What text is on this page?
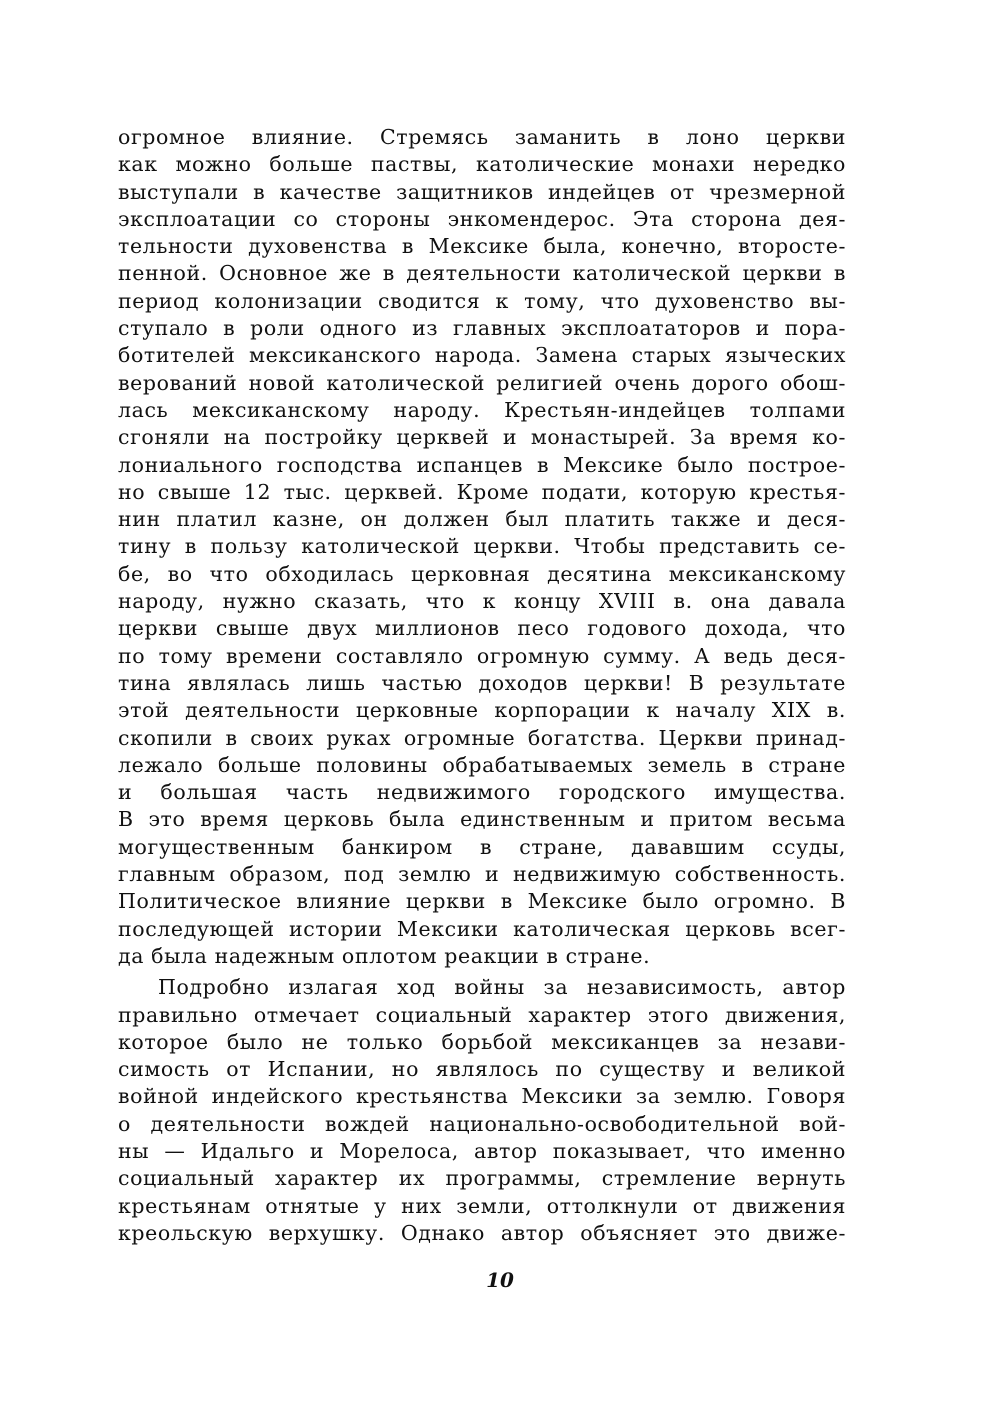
огромное влияние. Стремясь заманить в лоно церкви
как можно больше паствы, католические монахи нередко
выступали в качестве защитников индейцев от чрезмерной
эксплоатации со стороны энкомендерос. Эта сторона дея-
тельности духовенства в Мексике была, конечно, второсте-
пенной. Основное же в деятельности католической церкви в
период колонизации сводится к тому, что духовенство вы-
ступало в роли одного из главных эксплоататоров и пора-
ботителей мексиканского народа. Замена старых языческих
верований новой католической религией очень дорого обош-
лась мексиканскому народу. Крестьян-индейцев толпами
сгоняли на постройку церквей и монастырей. За время ко-
лониального господства испанцев в Мексике было построе-
но свыше 12 тыс. церквей. Кроме подати, которую крестья-
нин платил казне, он должен был платить также и деся-
тину в пользу католической церкви. Чтобы представить се-
бе, во что обходилась церковная десятина мексиканскому
народу, нужно сказать, что к концу XVIII в. она давала
церкви свыше двух миллионов песо годового дохода, что
по тому времени составляло огромную сумму. А ведь деся-
тина являлась лишь частью доходов церкви! В результате
этой деятельности церковные корпорации к началу XIX в.
скопили в своих руках огромные богатства. Церкви принад-
лежало больше половины обрабатываемых земель в стране
и большая часть недвижимого городского имущества.
В это время церковь была единственным и притом весьма
могущественным банкиром в стране, дававшим ссуды,
главным образом, под землю и недвижимую собственность.
Политическое влияние церкви в Мексике было огромно. В
последующей истории Мексики католическая церковь всег-
да была надежным оплотом реакции в стране.
Подробно излагая ход войны за независимость, автор
правильно отмечает социальный характер этого движения,
которое было не только борьбой мексиканцев за незави-
симость от Испании, но являлось по существу и великой
войной индейского крестьянства Мексики за землю. Говоря
о деятельности вождей национально-освободительной вой-
ны — Идальго и Морелоса, автор показывает, что именно
социальный характер их программы, стремление вернуть
крестьянам отнятые у них земли, оттолкнули от движения
креольскую верхушку. Однако автор объясняет это движе-
10
